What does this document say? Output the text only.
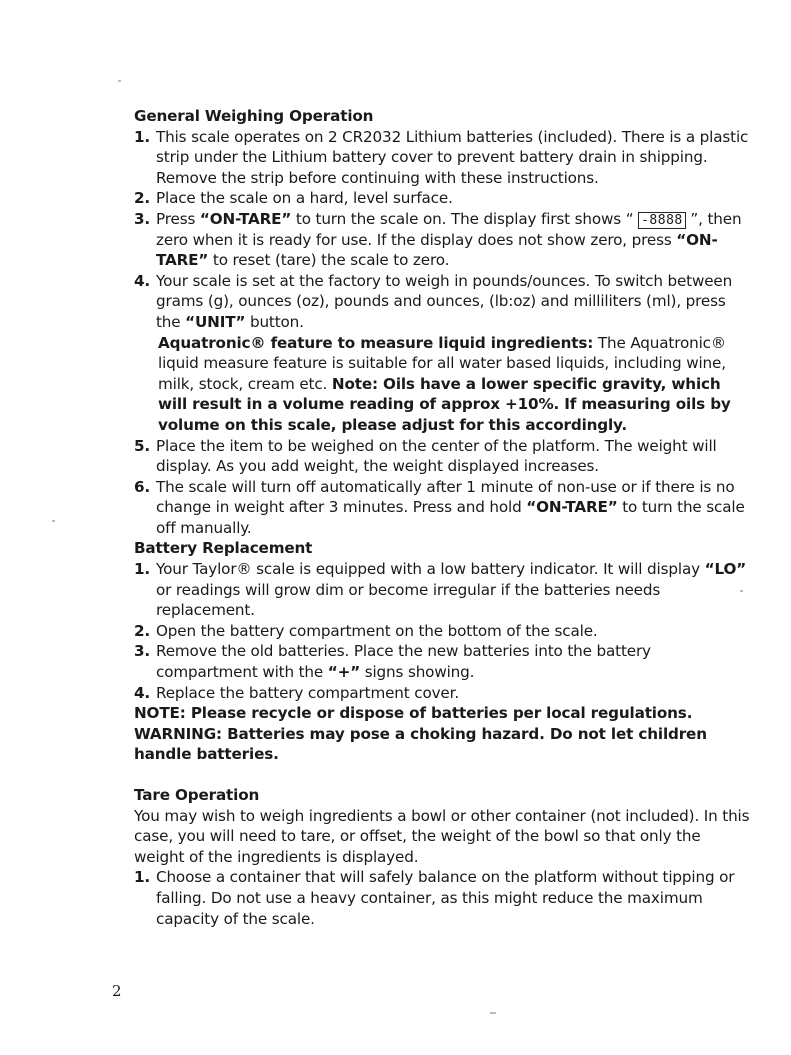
General Weighing Operation
1. This scale operates on 2 CR2032 Lithium batteries (included). There is a plastic strip under the Lithium battery cover to prevent battery drain in shipping. Remove the strip before continuing with these instructions.
2. Place the scale on a hard, level surface.
3. Press “ON-TARE” to turn the scale on. The display first shows “ -8888 ”, then zero when it is ready for use. If the display does not show zero, press “ON-TARE” to reset (tare) the scale to zero.
4. Your scale is set at the factory to weigh in pounds/ounces. To switch between grams (g), ounces (oz), pounds and ounces, (lb:oz) and milliliters (ml), press the “UNIT” button.
Aquatronic® feature to measure liquid ingredients: The Aquatronic® liquid measure feature is suitable for all water based liquids, including wine, milk, stock, cream etc. Note: Oils have a lower specific gravity, which will result in a volume reading of approx +10%. If measuring oils by volume on this scale, please adjust for this accordingly.
5. Place the item to be weighed on the center of the platform. The weight will display. As you add weight, the weight displayed increases.
6. The scale will turn off automatically after 1 minute of non-use or if there is no change in weight after 3 minutes. Press and hold “ON-TARE” to turn the scale off manually.
Battery Replacement
1. Your Taylor® scale is equipped with a low battery indicator. It will display “LO” or readings will grow dim or become irregular if the batteries needs replacement.
2. Open the battery compartment on the bottom of the scale.
3. Remove the old batteries. Place the new batteries into the battery compartment with the “+” signs showing.
4. Replace the battery compartment cover.
NOTE: Please recycle or dispose of batteries per local regulations.
WARNING: Batteries may pose a choking hazard. Do not let children handle batteries.
Tare Operation
You may wish to weigh ingredients a bowl or other container (not included). In this case, you will need to tare, or offset, the weight of the bowl so that only the weight of the ingredients is displayed.
1. Choose a container that will safely balance on the platform without tipping or falling. Do not use a heavy container, as this might reduce the maximum capacity of the scale.
2
